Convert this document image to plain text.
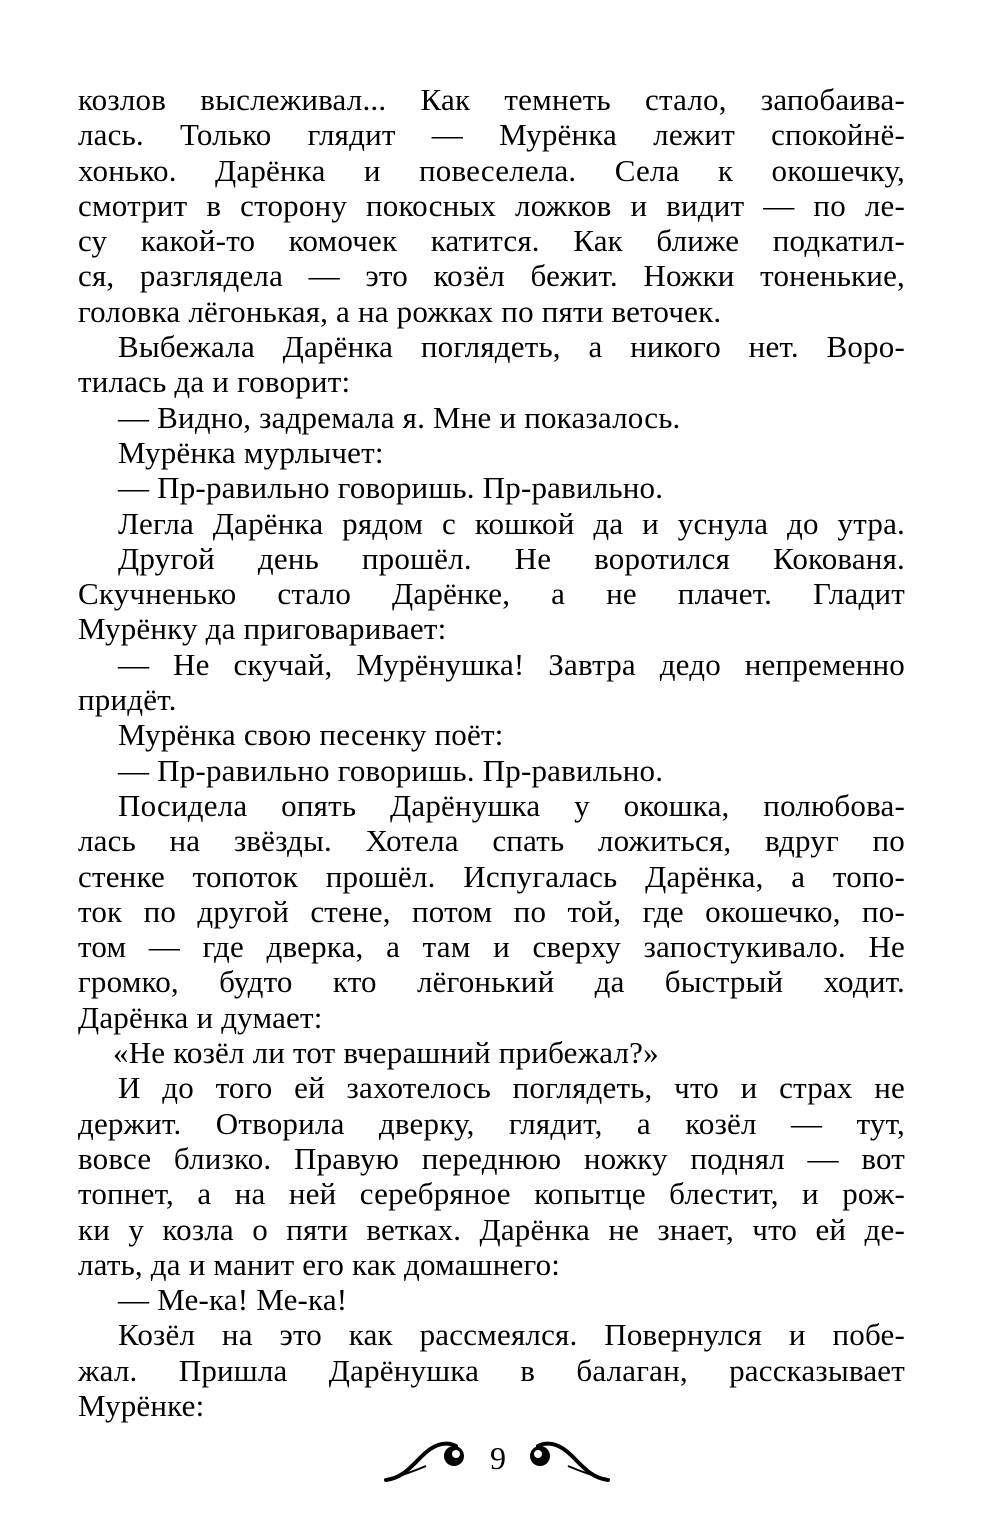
козлов выслеживал... Как темнеть стало, запобаива-
лась. Только глядит — Мурёнка лежит спокойнё-
хонько. Дарёнка и повеселела. Села к окошечку,
смотрит в сторону покосных ложков и видит — по ле-
су какой-то комочек катится. Как ближе подкатил-
ся, разглядела — это козёл бежит. Ножки тоненькие,
головка лёгонькая, а на рожках по пяти веточек.
Выбежала Дарёнка поглядеть, а никого нет. Воро-
тилась да и говорит:
— Видно, задремала я. Мне и показалось.
Мурёнка мурлычет:
— Пр-равильно говоришь. Пр-равильно.
Легла Дарёнка рядом с кошкой да и уснула до утра.
Другой день прошёл. Не воротился Кокованя.
Скучненько стало Дарёнке, а не плачет. Гладит
Мурёнку да приговаривает:
— Не скучай, Мурёнушка! Завтра дедо непременно
придёт.
Мурёнка свою песенку поёт:
— Пр-равильно говоришь. Пр-равильно.
Посидела опять Дарёнушка у окошка, полюбова-
лась на звёзды. Хотела спать ложиться, вдруг по
стенке топоток прошёл. Испугалась Дарёнка, а топо-
ток по другой стене, потом по той, где окошечко, по-
том — где дверка, а там и сверху запостукивало. Не
громко, будто кто лёгонький да быстрый ходит.
Дарёнка и думает:
«Не козёл ли тот вчерашний прибежал?»
И до того ей захотелось поглядеть, что и страх не
держит. Отворила дверку, глядит, а козёл — тут,
вовсе близко. Правую переднюю ножку поднял — вот
топнет, а на ней серебряное копытце блестит, и рож-
ки у козла о пяти ветках. Дарёнка не знает, что ей де-
лать, да и манит его как домашнего:
— Ме-ка! Ме-ка!
Козёл на это как рассмеялся. Повернулся и побе-
жал. Пришла Дарёнушка в балаган, рассказывает
Мурёнке:
9
